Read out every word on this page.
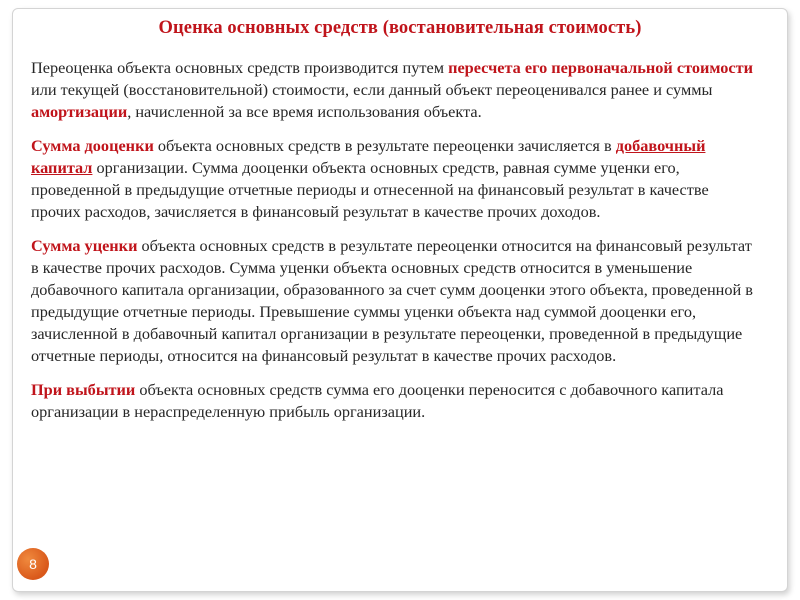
Оценка основных средств (востановительная стоимость)

Переоценка объекта основных средств производится путем пересчета его первоначальной стоимости или текущей (восстановительной) стоимости, если данный объект переоценивался ранее и суммы амортизации, начисленной за все время использования объекта.

Сумма дооценки объекта основных средств в результате переоценки зачисляется в добавочный капитал организации. Сумма дооценки объекта основных средств, равная сумме уценки его, проведенной в предыдущие отчетные периоды и отнесенной на финансовый результат в качестве прочих расходов, зачисляется в финансовый результат в качестве прочих доходов.

Сумма уценки объекта основных средств в результате переоценки относится на финансовый результат в качестве прочих расходов. Сумма уценки объекта основных средств относится в уменьшение добавочного капитала организации, образованного за счет сумм дооценки этого объекта, проведенной в предыдущие отчетные периоды. Превышение суммы уценки объекта над суммой дооценки его, зачисленной в добавочный капитал организации в результате переоценки, проведенной в предыдущие отчетные периоды, относится на финансовый результат в качестве прочих расходов.

При выбытии объекта основных средств сумма его дооценки переносится с добавочного капитала организации в нераспределенную прибыль организации.

8
